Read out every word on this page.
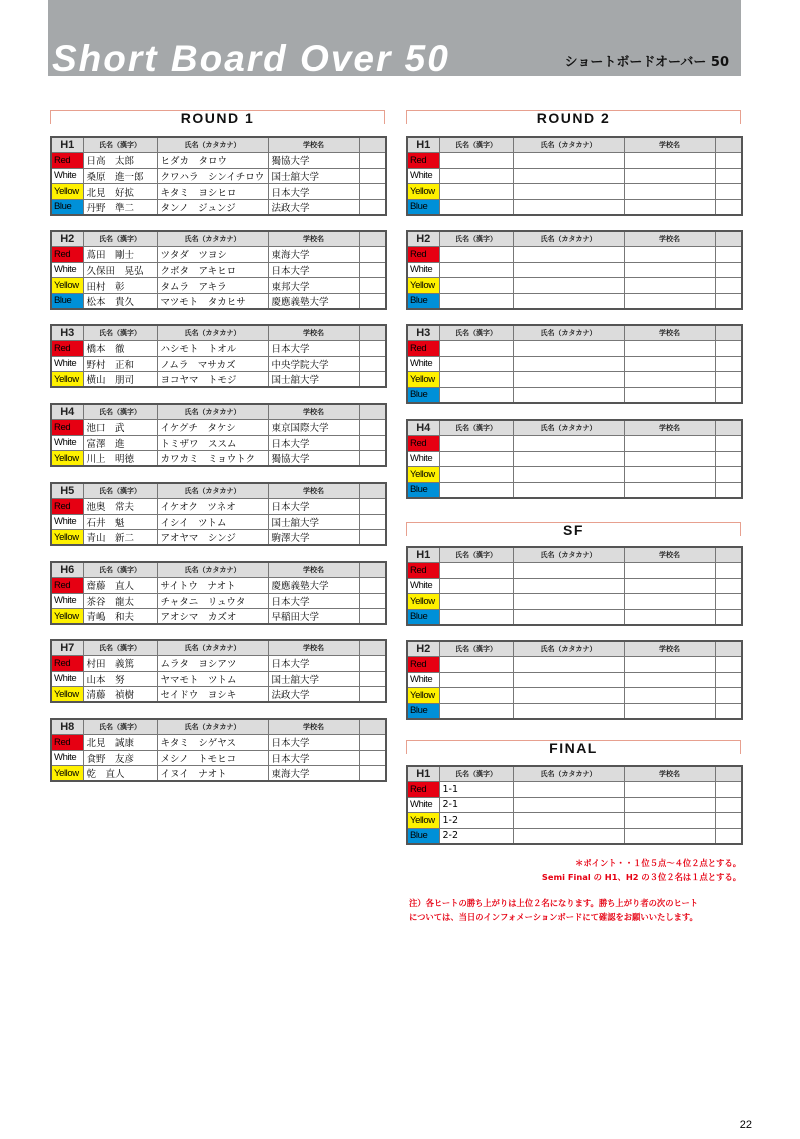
Short Board Over 50	ショートボードオーバー 50
ROUND 1	ROUND 2
SF
FINAL
H1	氏名（漢字）	氏名（カタカナ）	学校名	
Red	日高　太郎	ヒダカ　タロウ	獨協大学	
White	桑原　進一郎	クワハラ　シンイチロウ	国士舘大学	
Yellow	北見　好拡	キタミ　ヨシヒロ	日本大学	
Blue	丹野　準二	タンノ　ジュンジ	法政大学	
H2	氏名（漢字）	氏名（カタカナ）	学校名	
Red	蔦田　剛士	ツタダ　ツヨシ	東海大学	
White	久保田　晃弘	クボタ　アキヒロ	日本大学	
Yellow	田村　彰	タムラ　アキラ	東邦大学	
Blue	松本　貴久	マツモト　タカヒサ	慶應義塾大学	
H3	氏名（漢字）	氏名（カタカナ）	学校名	
Red	橋本　徹	ハシモト　トオル	日本大学	
White	野村　正和	ノムラ　マサカズ	中央学院大学	
Yellow	横山　朋司	ヨコヤマ　トモジ	国士舘大学	
H4	氏名（漢字）	氏名（カタカナ）	学校名	
Red	池口　武	イケグチ　タケシ	東京国際大学	
White	富澤　進	トミザワ　ススム	日本大学	
Yellow	川上　明徳	カワカミ　ミョウトク	獨協大学	
H5	氏名（漢字）	氏名（カタカナ）	学校名	
Red	池奥　常夫	イケオク　ツネオ	日本大学	
White	石井　魁	イシイ　ツトム	国士舘大学	
Yellow	青山　新二	アオヤマ　シンジ	駒澤大学	
H6	氏名（漢字）	氏名（カタカナ）	学校名	
Red	齋藤　直人	サイトウ　ナオト	慶應義塾大学	
White	茶谷　龍太	チャタニ　リュウタ	日本大学	
Yellow	青嶋　和夫	アオシマ　カズオ	早稲田大学	
H7	氏名（漢字）	氏名（カタカナ）	学校名	
Red	村田　義篤	ムラタ　ヨシアツ	日本大学	
White	山本　努	ヤマモト　ツトム	国士舘大学	
Yellow	清藤　禎樹	セイドウ　ヨシキ	法政大学	
H8	氏名（漢字）	氏名（カタカナ）	学校名	
Red	北見　誠康	キタミ　シゲヤス	日本大学	
White	食野　友彦	メシノ　トモヒコ	日本大学	
Yellow	乾　直人	イヌイ　ナオト	東海大学	
H1	氏名（漢字）	氏名（カタカナ）	学校名	
Red				
White				
Yellow				
Blue				
H2	氏名（漢字）	氏名（カタカナ）	学校名	
Red				
White				
Yellow				
Blue				
H3	氏名（漢字）	氏名（カタカナ）	学校名	
Red				
White				
Yellow				
Blue				
H4	氏名（漢字）	氏名（カタカナ）	学校名	
Red				
White				
Yellow				
Blue				
H1	氏名（漢字）	氏名（カタカナ）	学校名	
Red				
White				
Yellow				
Blue				
H2	氏名（漢字）	氏名（カタカナ）	学校名	
Red				
White				
Yellow				
Blue				
H1	氏名（漢字）	氏名（カタカナ）	学校名	
Red	1-1			
White	2-1			
Yellow	1-2			
Blue	2-2			
＊ポイント・・１位５点～４位２点とする。
Semi Final の H1、H2 の３位２名は１点とする。
注）各ヒートの勝ち上がりは上位２名になります。勝ち上がり者の次のヒート
については、当日のインフォメーションボードにて確認をお願いいたします。
22
